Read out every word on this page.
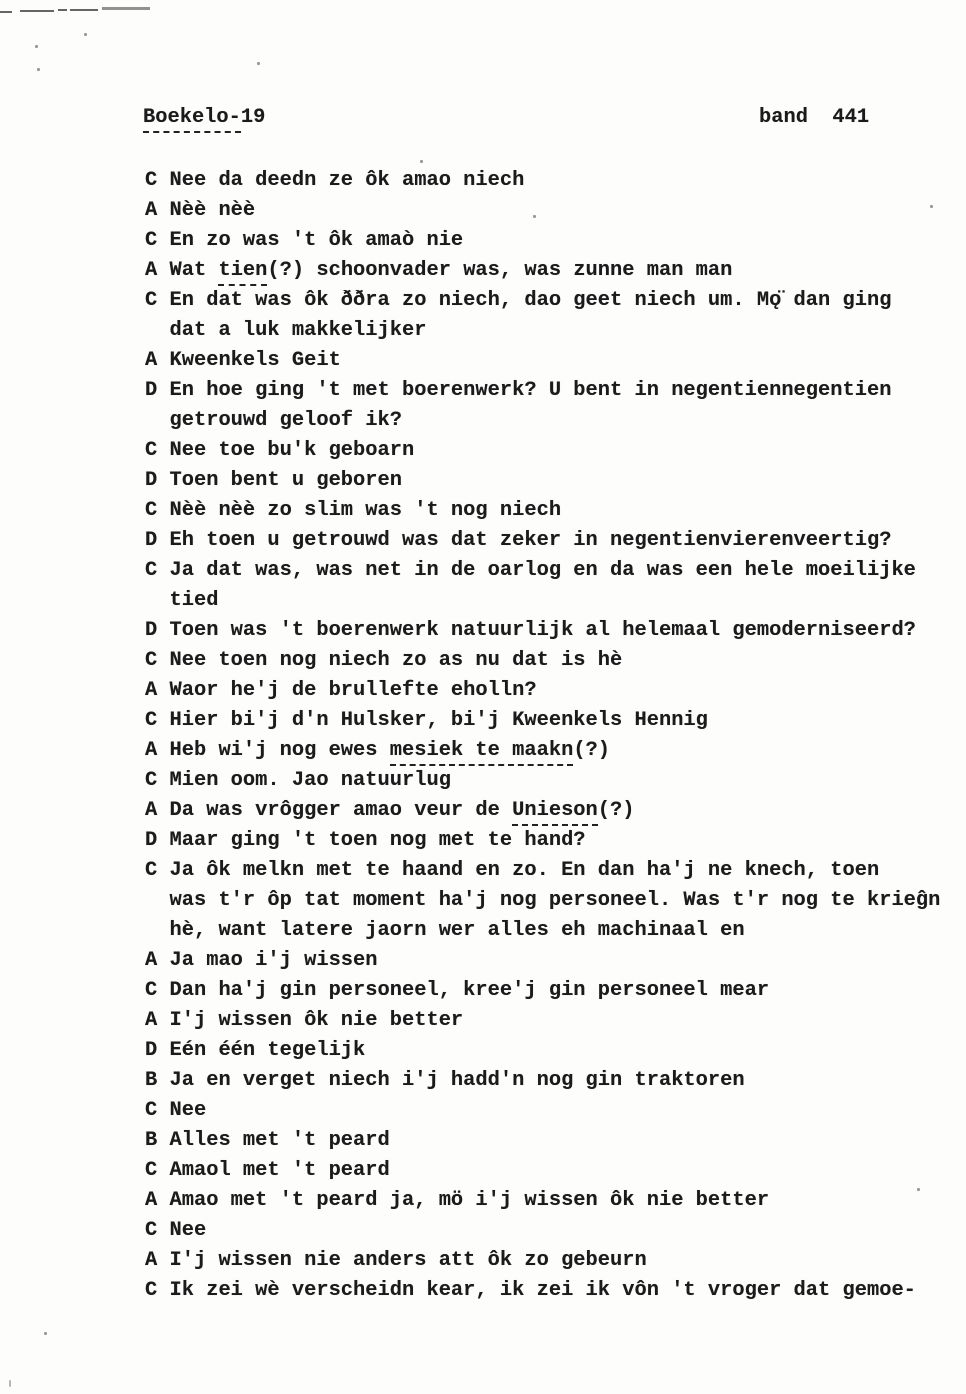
Boekelo-19	band  441
C Nee da deedn ze ôk amao niech
A Nèè nèè
C En zo was 't ôk amaò nie
A Wat tien(?) schoonvader was, was zunne man man
C En dat was ôk ððra zo niech, dao geet niech um. Mǫ̈ dan ging
dat a luk makkelijker
A Kweenkels Geit
D En hoe ging 't met boerenwerk? U bent in negentiennegentien
getrouwd geloof ik?
C Nee toe bu'k geboarn
D Toen bent u geboren
C Nèè nèè zo slim was 't nog niech
D Eh toen u getrouwd was dat zeker in negentienvierenveertig?
C Ja dat was, was net in de oarlog en da was een hele moeilijke
tied
D Toen was 't boerenwerk natuurlijk al helemaal gemoderniseerd?
C Nee toen nog niech zo as nu dat is hè
A Waor he'j de brullefte eholln?
C Hier bi'j d'n Hulsker, bi'j Kweenkels Hennig
A Heb wi'j nog ewes mesiek te maakn(?)
C Mien oom. Jao natuurlug
A Da was vrôgger amao veur de Unieson(?)
D Maar ging 't toen nog met te hand?
C Ja ôk melkn met te haand en zo. En dan ha'j ne knech, toen
was t'r ôp tat moment ha'j nog personeel. Was t'r nog te krieĝn
hè, want latere jaorn wer alles eh machinaal en
A Ja mao i'j wissen
C Dan ha'j gin personeel, kree'j gin personeel mear
A I'j wissen ôk nie better
D Eén één tegelijk
B Ja en verget niech i'j hadd'n nog gin traktoren
C Nee
B Alles met 't peard
C Amaol met 't peard
A Amao met 't peard ja, mö i'j wissen ôk nie better
C Nee
A I'j wissen nie anders att ôk zo gebeurn
C Ik zei wè verscheidn kear, ik zei ik vôn 't vroger dat gemoe-
